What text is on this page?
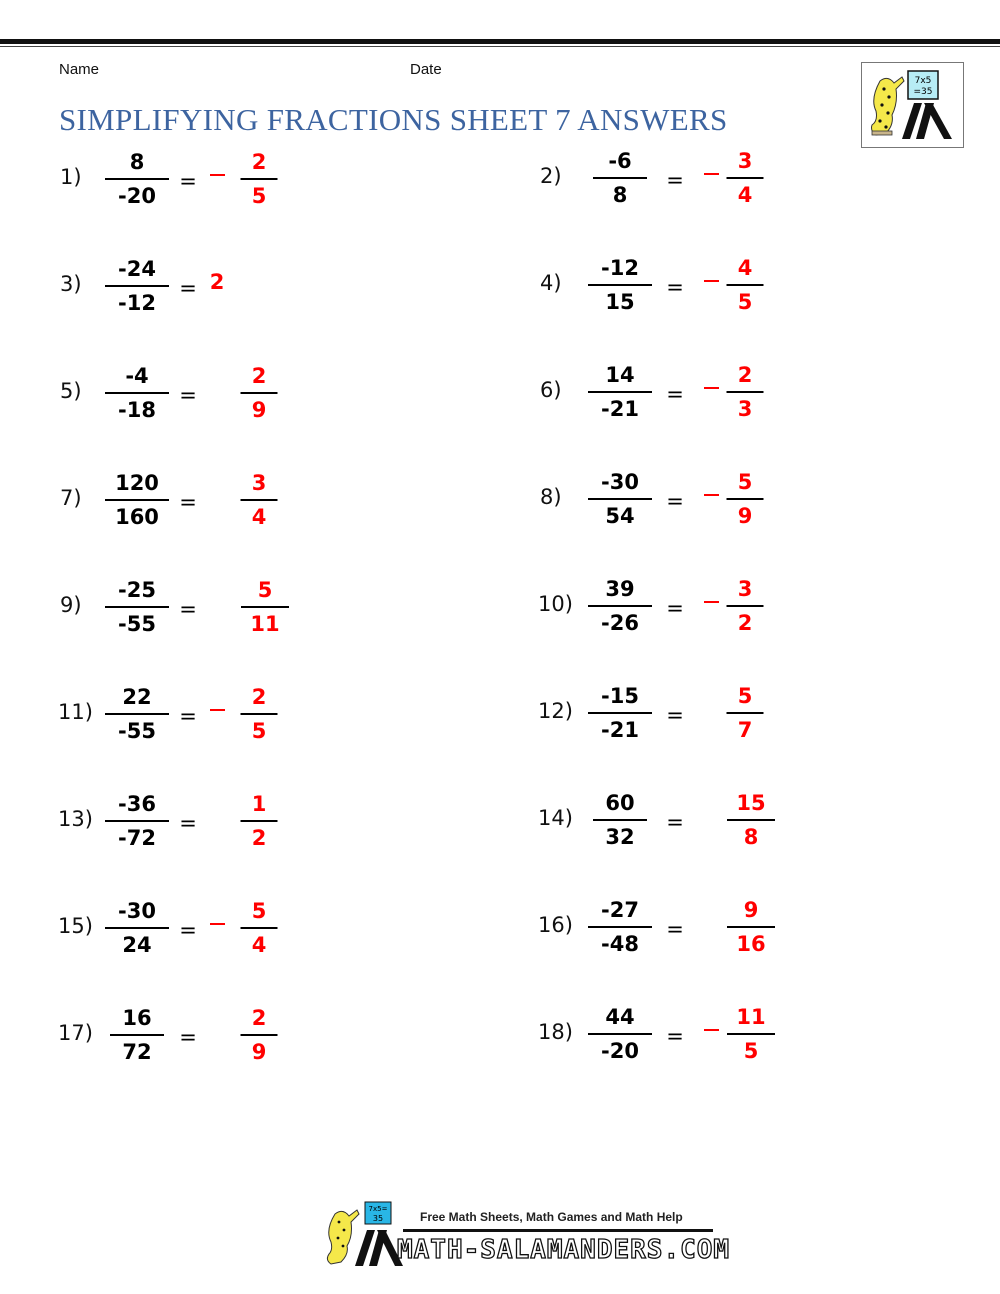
Name	Date
SIMPLIFYING FRACTIONS SHEET 7 ANSWERS
7x5
=35
1)
8
-20
=
2
5
2)
-6
8
=
3
4
3)
-24
-12
= 2	4)
-12
15
=
4
5
5)
-4
-18
=
2
9
6)
14
-21
=
2
3
7)
120
160
=
3
4
8)
-30
54
=
5
9
9)
-25
-55
=
5
11
10)
39
-26
=
3
2
11)
22
-55
=
2
5
12)
-15
-21
=
5
7
13)
-36
-72
=
1
2
14)
60
32
=
15
8
15)
-30
24
=
5
4
16)
-27
-48
=
9
16
17)
16
72
=
2
9
18)
44
-20
=
11
5
7x5=
35	Free Math Sheets, Math Games and Math Help
MATH-SALAMANDERS.COM
